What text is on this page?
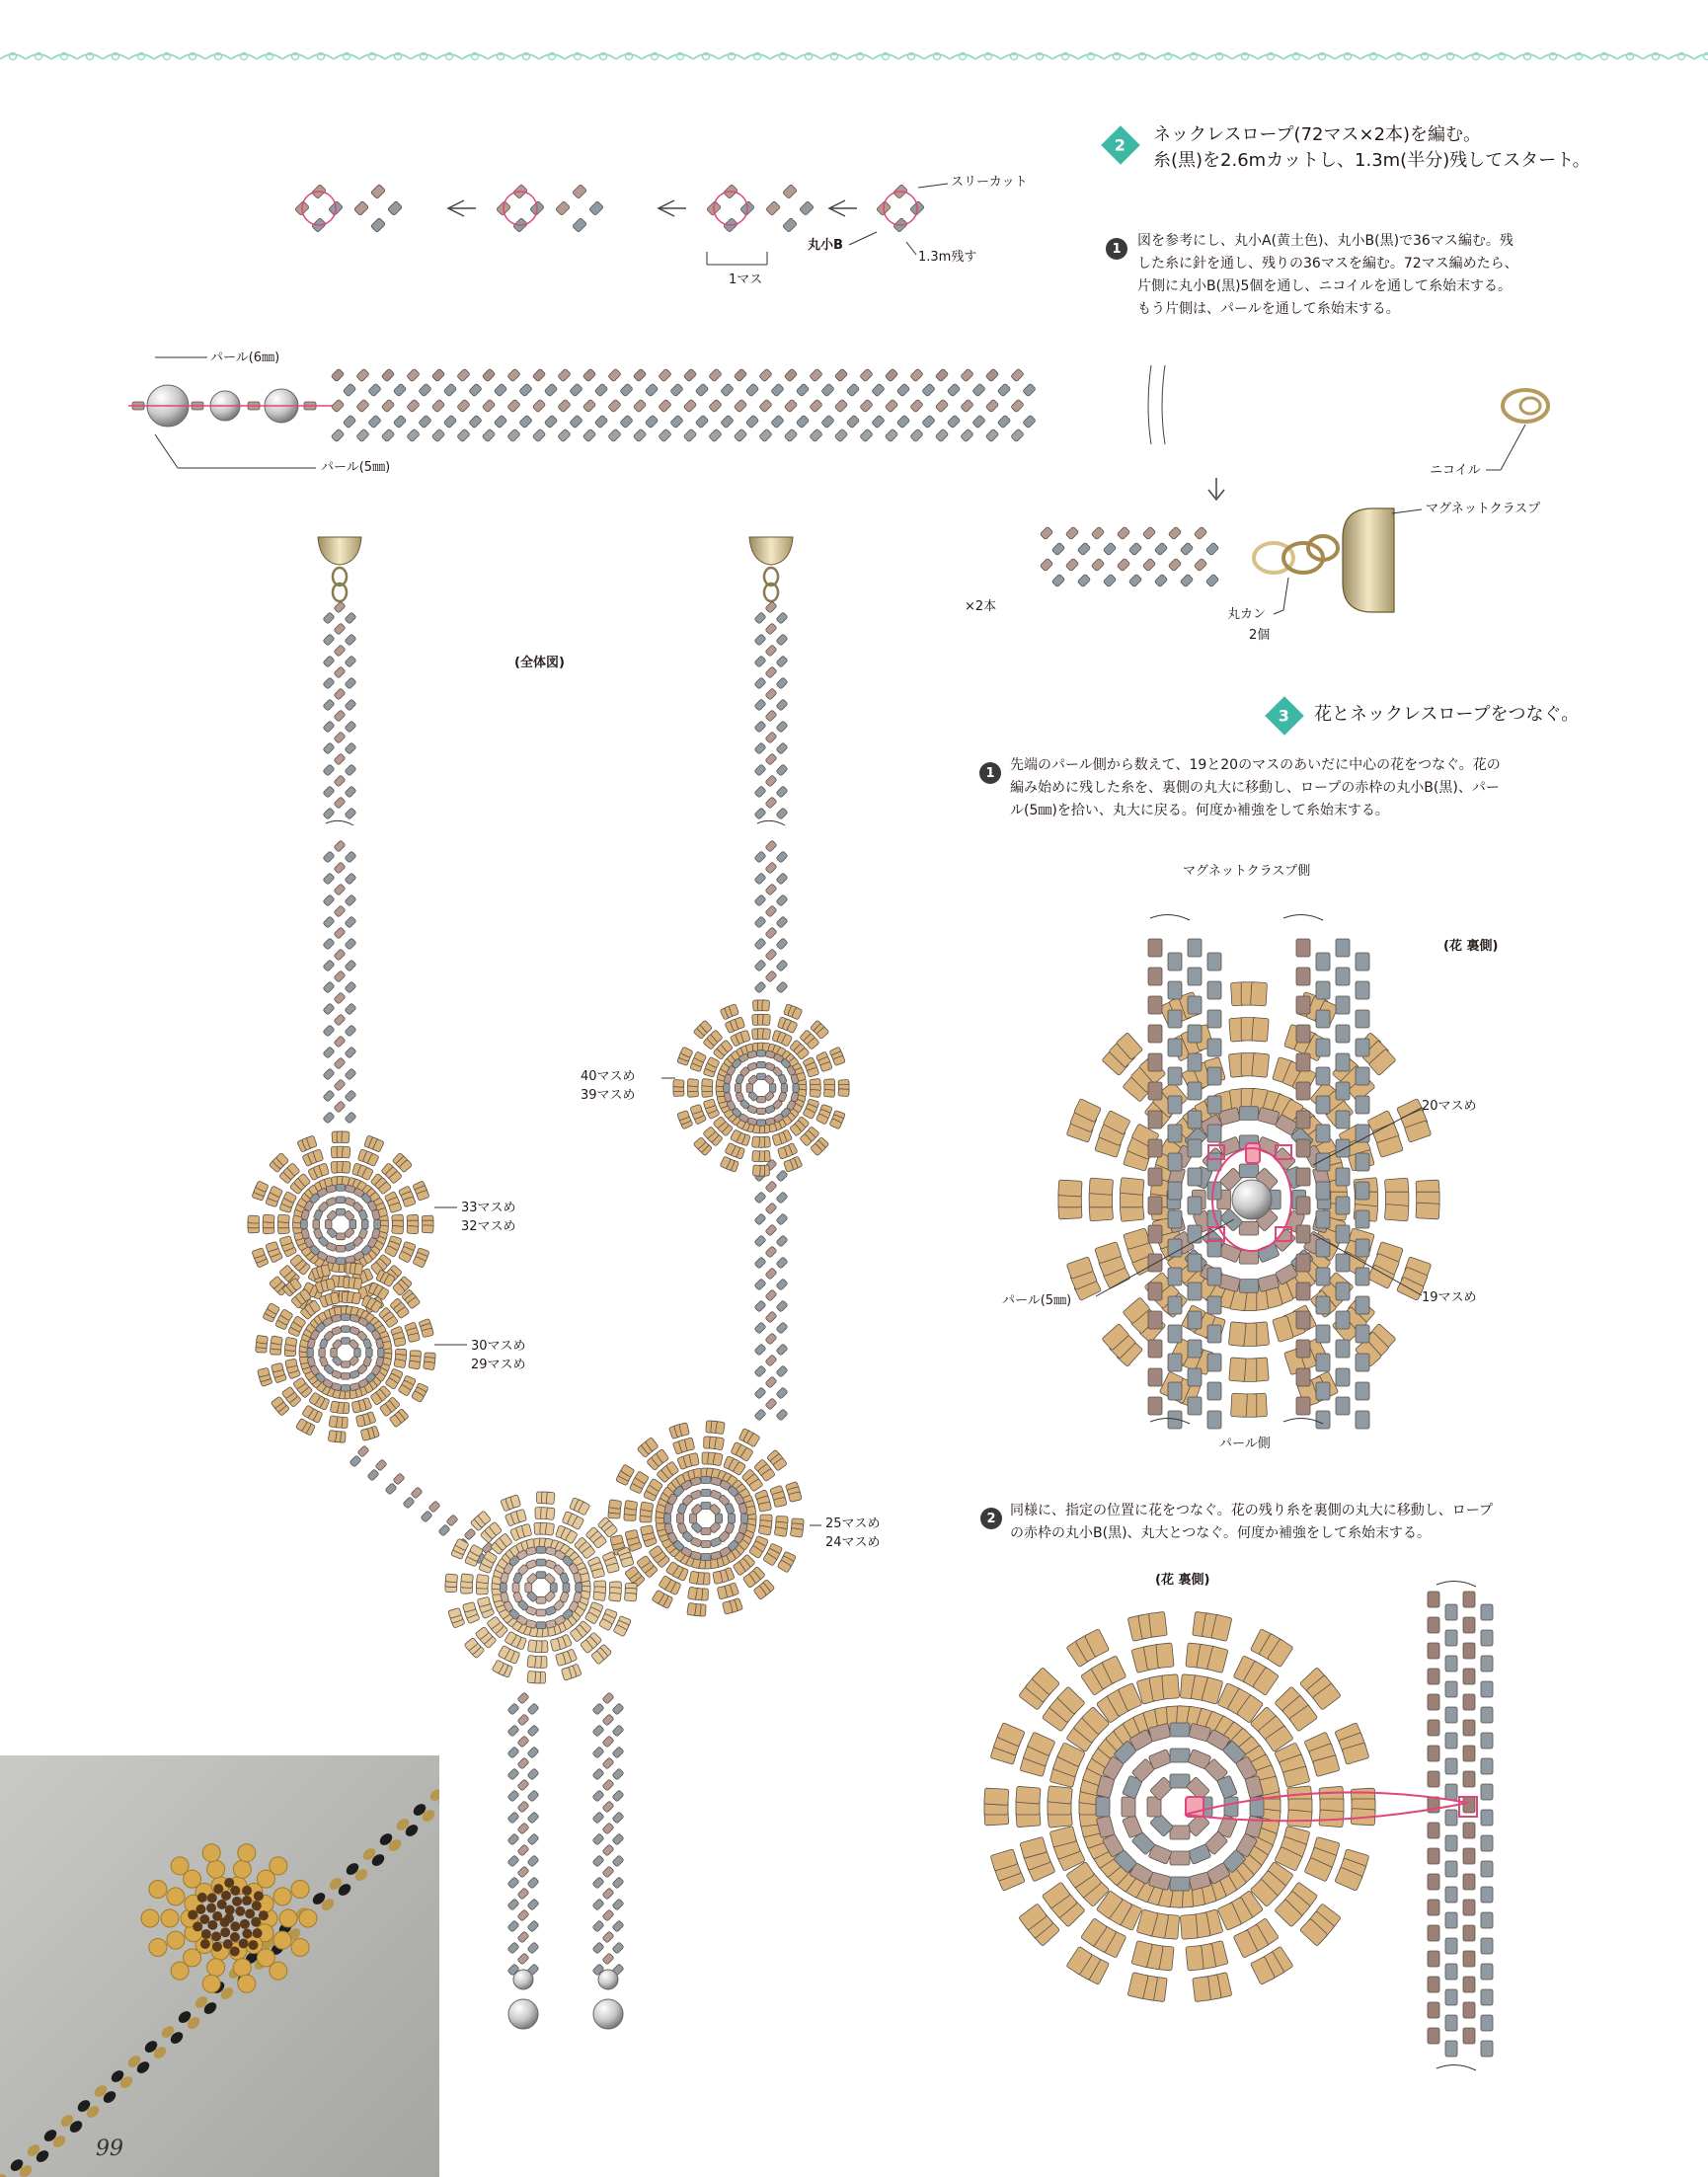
2 ネックレスロープ(72マス×2本)を編む。
糸(黒)を2.6mカットし、1.3m(半分)残してスタート。
1 図を参考にし、丸小A(黄土色)、丸小B(黒)で36マス編む。残
した糸に針を通し、残りの36マスを編む。72マス編めたら、
片側に丸小B(黒)5個を通し、ニコイルを通して糸始末する。
もう片側は、パールを通して糸始末する。
スリーカット
丸小B
1.3m残す
1マス
パール(6㎜)
パール(5㎜)	ニコイル
マグネットクラスプ
×2本
丸カン
2個
(全体図)
40マスめ
39マスめ
33マスめ
32マスめ
30マスめ
29マスめ
25マスめ
24マスめ
3 花とネックレスロープをつなぐ。
1 先端のパール側から数えて、19と20のマスのあいだに中心の花をつなぐ。花の
編み始めに残した糸を、裏側の丸大に移動し、ロープの赤枠の丸小B(黒)、パー
ル(5㎜)を拾い、丸大に戻る。何度か補強をして糸始末する。
マグネットクラスプ側
(花 裏側)
20マスめ
19マスめ
パール(5㎜)
パール側
2 同様に、指定の位置に花をつなぐ。花の残り糸を裏側の丸大に移動し、ロープ
の赤枠の丸小B(黒)、丸大とつなぐ。何度か補強をして糸始末する。
(花 裏側)
99
